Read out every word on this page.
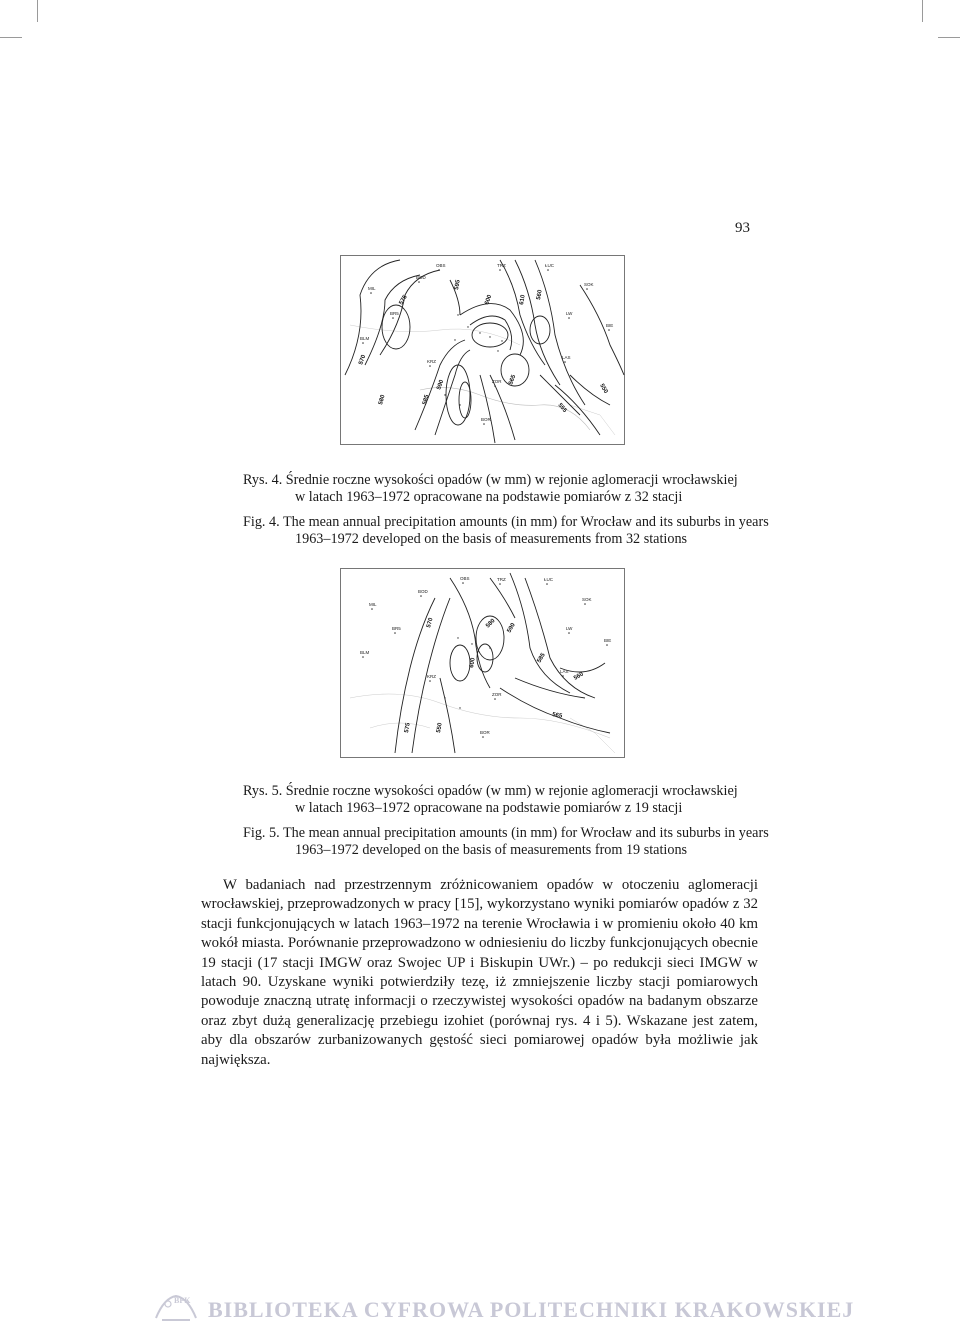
93
OBS	TRZ	ŁUC
BOD
MIL
SOK
BR5	LW
BIE
BLM
LAS
KRZ
ZOR
BOR
570
575
580	585
590
595
600	610 560
565
555
550
Rys. 4. Średnie roczne wysokości opadów (w mm) w rejonie aglomeracji wrocławskiej
w latach 1963–1972 opracowane na podstawie pomiarów z 32 stacji
Fig. 4. The mean annual precipitation amounts (in mm) for Wrocław and its suburbs in years
1963–1972 developed on the basis of measurements from 32 stations
OBS	TRZ	ŁUC
BOD
MIL
SOK
BR5	LW
BIE
BLM
LAS
KRZ
ZOR
BOR
570
575
580 590
600
560
565
550
585
Rys. 5. Średnie roczne wysokości opadów (w mm) w rejonie aglomeracji wrocławskiej
w latach 1963–1972 opracowane na podstawie pomiarów z 19 stacji
Fig. 5. The mean annual precipitation amounts (in mm) for Wrocław and its suburbs in years
1963–1972 developed on the basis of measurements from 19 stations

W badaniach nad przestrzennym zróżnicowaniem opadów w otoczeniu aglomeracji wrocławskiej, przeprowadzonych w pracy [15], wykorzystano wyniki pomiarów opadów z 32 stacji funkcjonujących w latach 1963–1972 na terenie Wrocławia i w promieniu około 40 km wokół miasta. Porównanie przeprowadzono w odniesieniu do liczby funkcjonujących obecnie 19 stacji (17 stacji IMGW oraz Swojec UP i Biskupin UWr.) – po redukcji sieci IMGW w latach 90. Uzyskane wyniki potwierdziły tezę, iż zmniejszenie liczby stacji pomiarowych powoduje znaczną utratę informacji o rzeczywistej wysokości opadów na badanym obszarze oraz zbyt dużą generalizację przebiegu izohiet (porównaj rys. 4 i 5). Wskazane jest zatem, aby dla obszarów zurbanizowanych gęstość sieci pomiarowej opadów była możliwie jak największa.

BPK BIBLIOTEKA CYFROWA POLITECHNIKI KRAKOWSKIEJ
